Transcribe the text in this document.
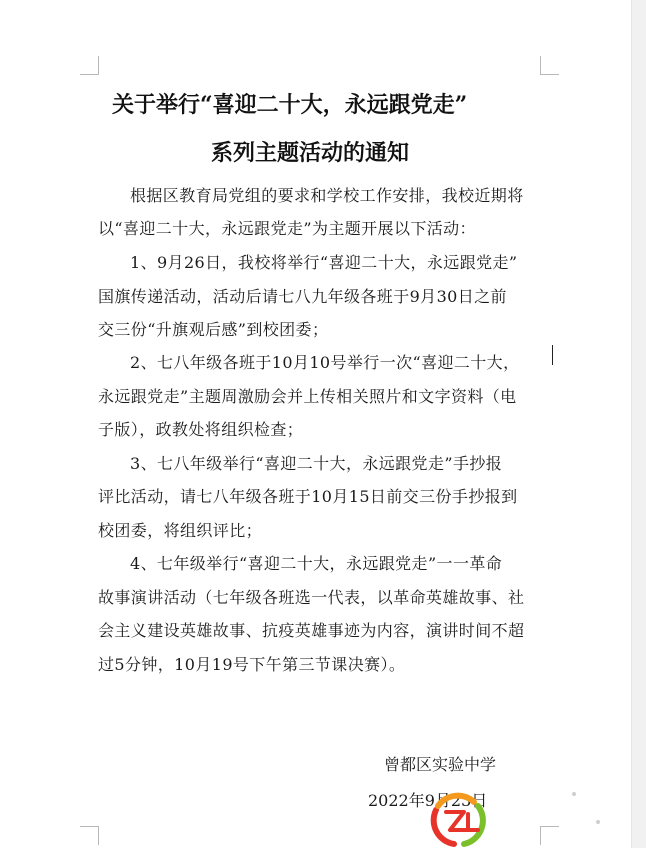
关于举行“喜迎二十大，永远跟党走”
系列主题活动的通知
根据区教育局党组的要求和学校工作安排，我校近期将
以“喜迎二十大，永远跟党走”为主题开展以下活动：
1、9月26日，我校将举行“喜迎二十大，永远跟党走”
国旗传递活动，活动后请七八九年级各班于9月30日之前
交三份“升旗观后感”到校团委；
2、七八年级各班于10月10号举行一次“喜迎二十大，
永远跟党走”主题周激励会并上传相关照片和文字资料（电
子版），政教处将组织检查；
3、七八年级举行“喜迎二十大，永远跟党走”手抄报
评比活动，请七八年级各班于10月15日前交三份手抄报到
校团委，将组织评比；
4、七年级举行“喜迎二十大，永远跟党走”一一革命
故事演讲活动（七年级各班选一代表，以革命英雄故事、社
会主义建设英雄故事、抗疫英雄事迹为内容，演讲时间不超
过5分钟，10月19号下午第三节课决赛）。
曾都区实验中学
2022年9月23日
